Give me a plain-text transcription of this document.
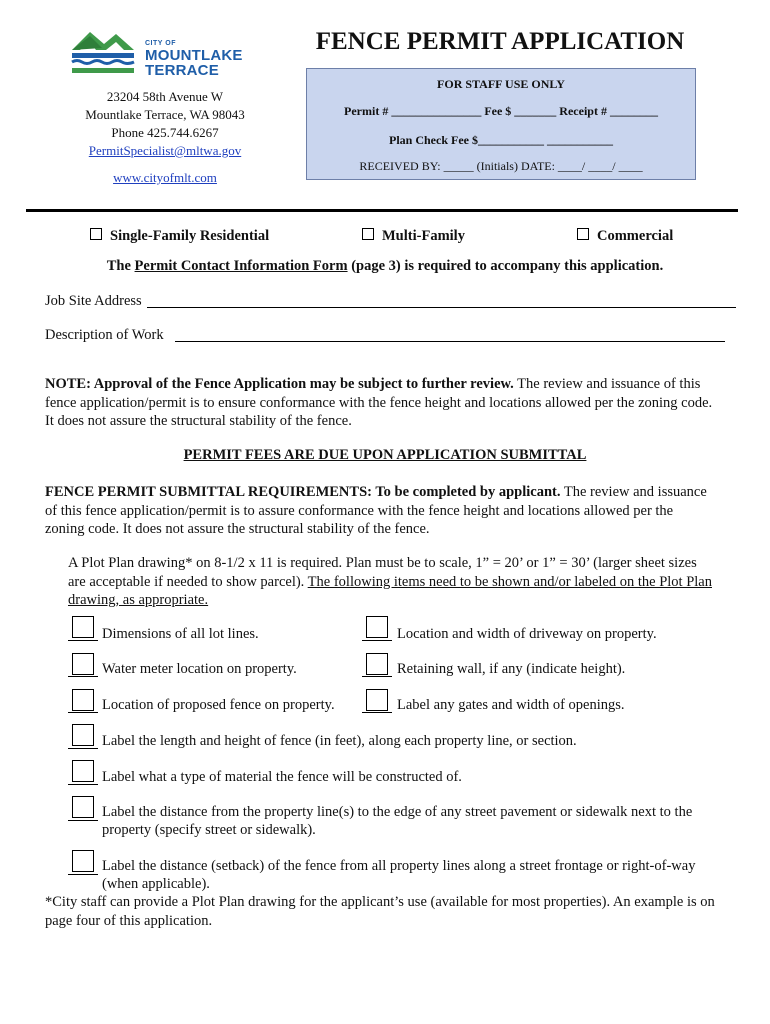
CITY OF
MOUNTLAKE
TERRACE
FENCE PERMIT APPLICATION
23204 58th Avenue W
Mountlake Terrace, WA 98043
Phone 425.744.6267
PermitSpecialist@mltwa.gov
www.cityofmlt.com
FOR STAFF USE ONLY
Permit # _______________ Fee $ _______ Receipt # ________
Plan Check Fee $___________ ___________
RECEIVED BY: _____ (Initials) DATE: ____/ ____/ ____
Single-Family Residential	Multi-Family	Commercial
The Permit Contact Information Form (page 3) is required to accompany this application.
Job Site Address
Description of Work
NOTE: Approval of the Fence Application may be subject to further review. The review and issuance of this fence application/permit is to ensure conformance with the fence height and locations allowed per the zoning code. It does not assure the structural stability of the fence.
PERMIT FEES ARE DUE UPON APPLICATION SUBMITTAL
FENCE PERMIT SUBMITTAL REQUIREMENTS: To be completed by applicant. The review and issuance of this fence application/permit is to assure conformance with the fence height and locations allowed per the zoning code. It does not assure the structural stability of the fence.
A Plot Plan drawing* on 8-1/2 x 11 is required. Plan must be to scale, 1” = 20’ or 1” = 30’ (larger sheet sizes are acceptable if needed to show parcel). The following items need to be shown and/or labeled on the Plot Plan drawing, as appropriate.
Dimensions of all lot lines.
Water meter location on property.
Location of proposed fence on property.
Location and width of driveway on property.
Retaining wall, if any (indicate height).
Label any gates and width of openings.
Label the length and height of fence (in feet), along each property line, or section.
Label what a type of material the fence will be constructed of.
Label the distance from the property line(s) to the edge of any street pavement or sidewalk next to the property (specify street or sidewalk).
Label the distance (setback) of the fence from all property lines along a street frontage or right-of-way (when applicable).
*City staff can provide a Plot Plan drawing for the applicant’s use (available for most properties). An example is on page four of this application.
